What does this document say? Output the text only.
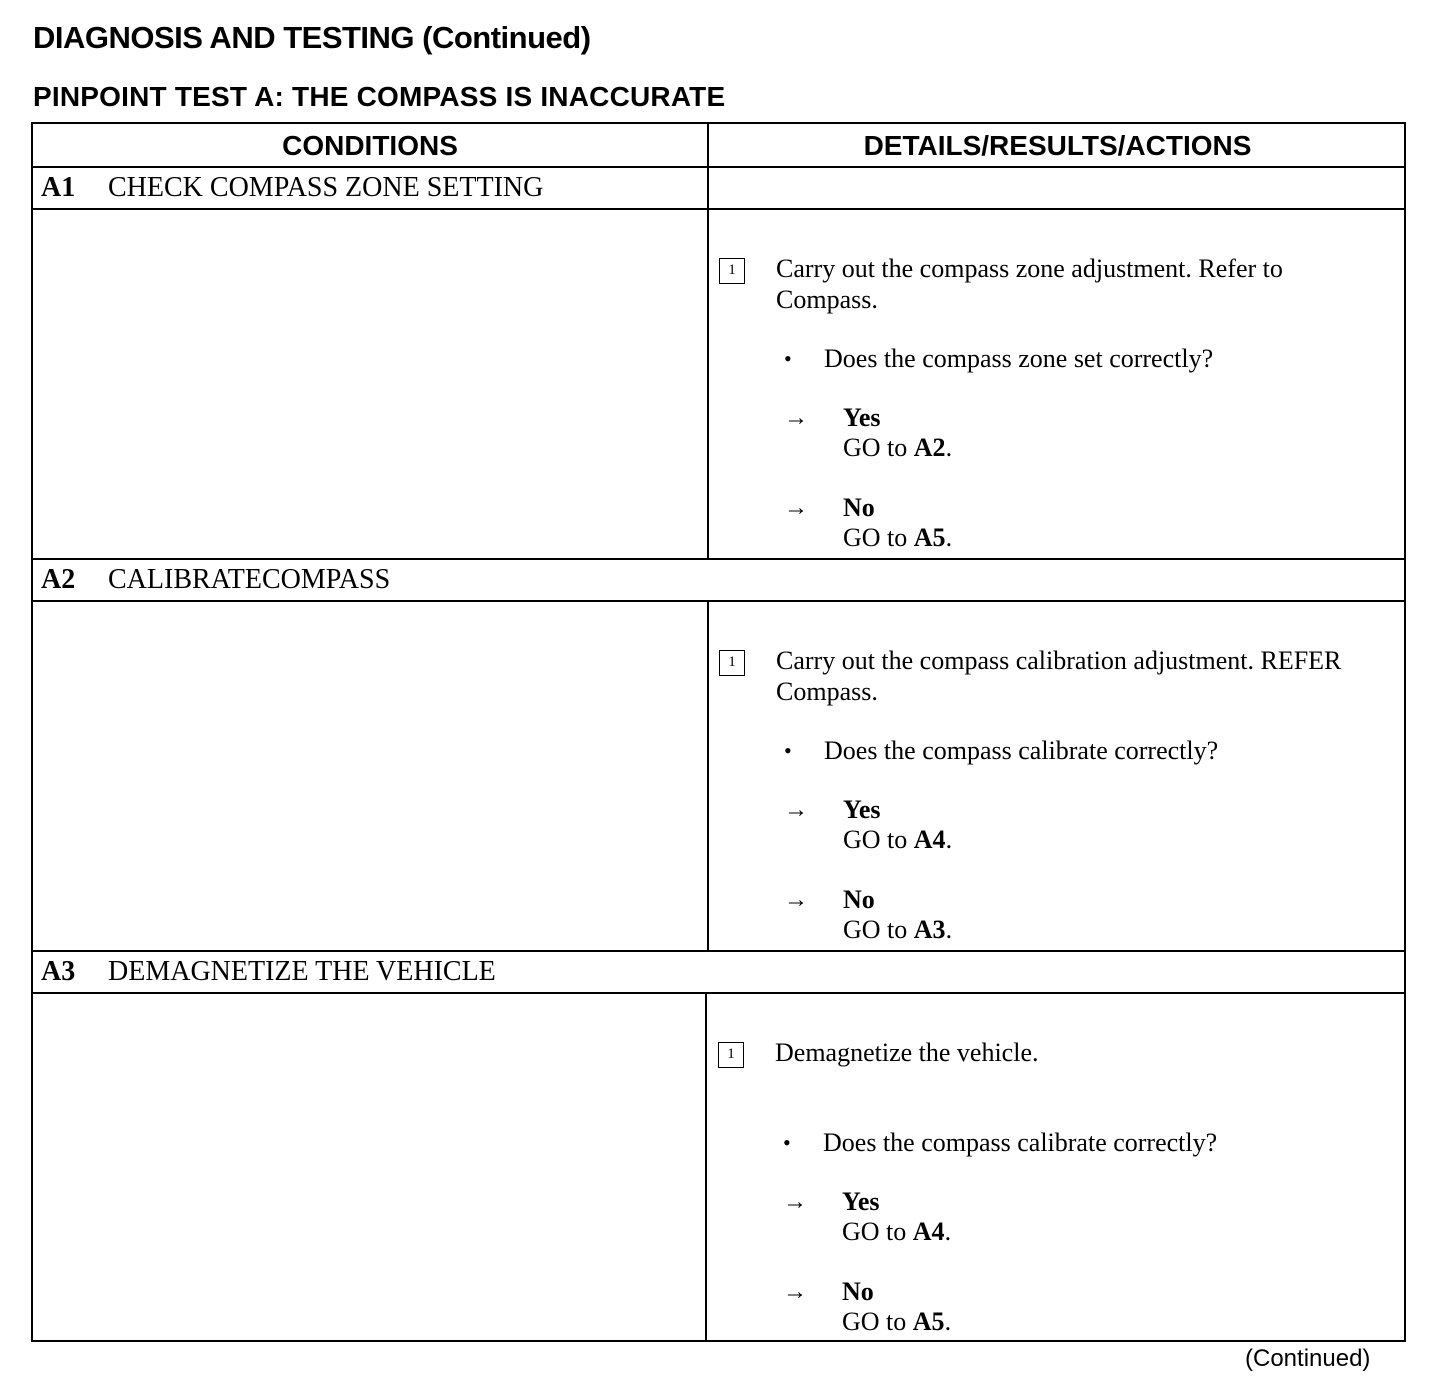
DIAGNOSIS AND TESTING (Continued)
PINPOINT TEST A: THE COMPASS IS INACCURATE
CONDITIONS	DETAILS/RESULTS/ACTIONS
A1 CHECK COMPASS ZONE SETTING
1	Carry out the compass zone adjustment. Refer to Compass.
• Does the compass zone set correctly?
→ Yes
GO to A2.
→ No
GO to A5.
A2 CALIBRATECOMPASS
1	Carry out the compass calibration adjustment. REFER Compass.
• Does the compass calibrate correctly?
→ Yes
GO to A4.
→ No
GO to A3.
A3 DEMAGNETIZE THE VEHICLE
1	Demagnetize the vehicle.
• Does the compass calibrate correctly?
→ Yes
GO to A4.
→ No
GO to A5.
(Continued)
